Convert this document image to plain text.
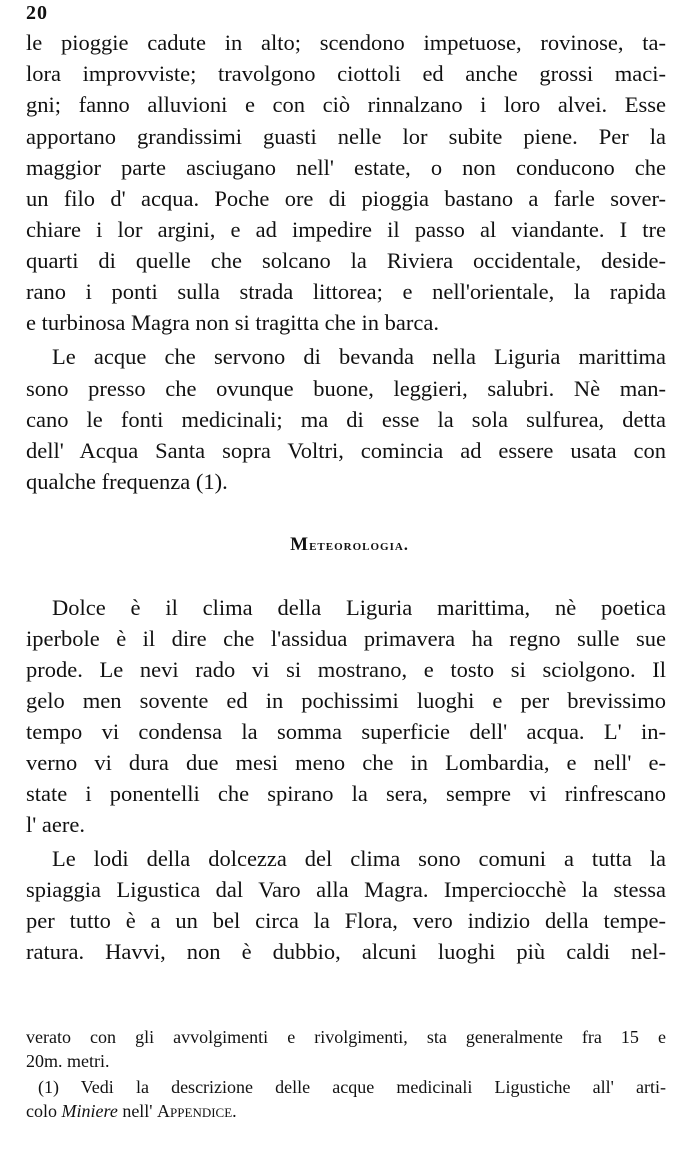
20
le pioggie cadute in alto; scendono impetuose, rovinose, ta-
lora improvviste; travolgono ciottoli ed anche grossi maci-
gni; fanno alluvioni e con ciò rinnalzano i loro alvei. Esse
apportano grandissimi guasti nelle lor subite piene. Per la
maggior parte asciugano nell' estate, o non conducono che
un filo d' acqua. Poche ore di pioggia bastano a farle sover-
chiare i lor argini, e ad impedire il passo al viandante. I tre
quarti di quelle che solcano la Riviera occidentale, deside-
rano i ponti sulla strada littorea; e nell'orientale, la rapida
e turbinosa Magra non si tragitta che in barca.
Le acque che servono di bevanda nella Liguria marittima
sono presso che ovunque buone, leggieri, salubri. Nè man-
cano le fonti medicinali; ma di esse la sola sulfurea, detta
dell' Acqua Santa sopra Voltri, comincia ad essere usata con
qualche frequenza (1).
Meteorologia.
Dolce è il clima della Liguria marittima, nè poetica
iperbole è il dire che l'assidua primavera ha regno sulle sue
prode. Le nevi rado vi si mostrano, e tosto si sciolgono. Il
gelo men sovente ed in pochissimi luoghi e per brevissimo
tempo vi condensa la somma superficie dell' acqua. L' in-
verno vi dura due mesi meno che in Lombardia, e nell' e-
state i ponentelli che spirano la sera, sempre vi rinfrescano
l' aere.
Le lodi della dolcezza del clima sono comuni a tutta la
spiaggia Ligustica dal Varo alla Magra. Imperciocchè la stessa
per tutto è a un bel circa la Flora, vero indizio della tempe-
ratura. Havvi, non è dubbio, alcuni luoghi più caldi nel-
verato con gli avvolgimenti e rivolgimenti, sta generalmente fra 15 e
20m. metri.
(1) Vedi la descrizione delle acque medicinali Ligustiche all' arti-
colo Miniere nell' Appendice.
